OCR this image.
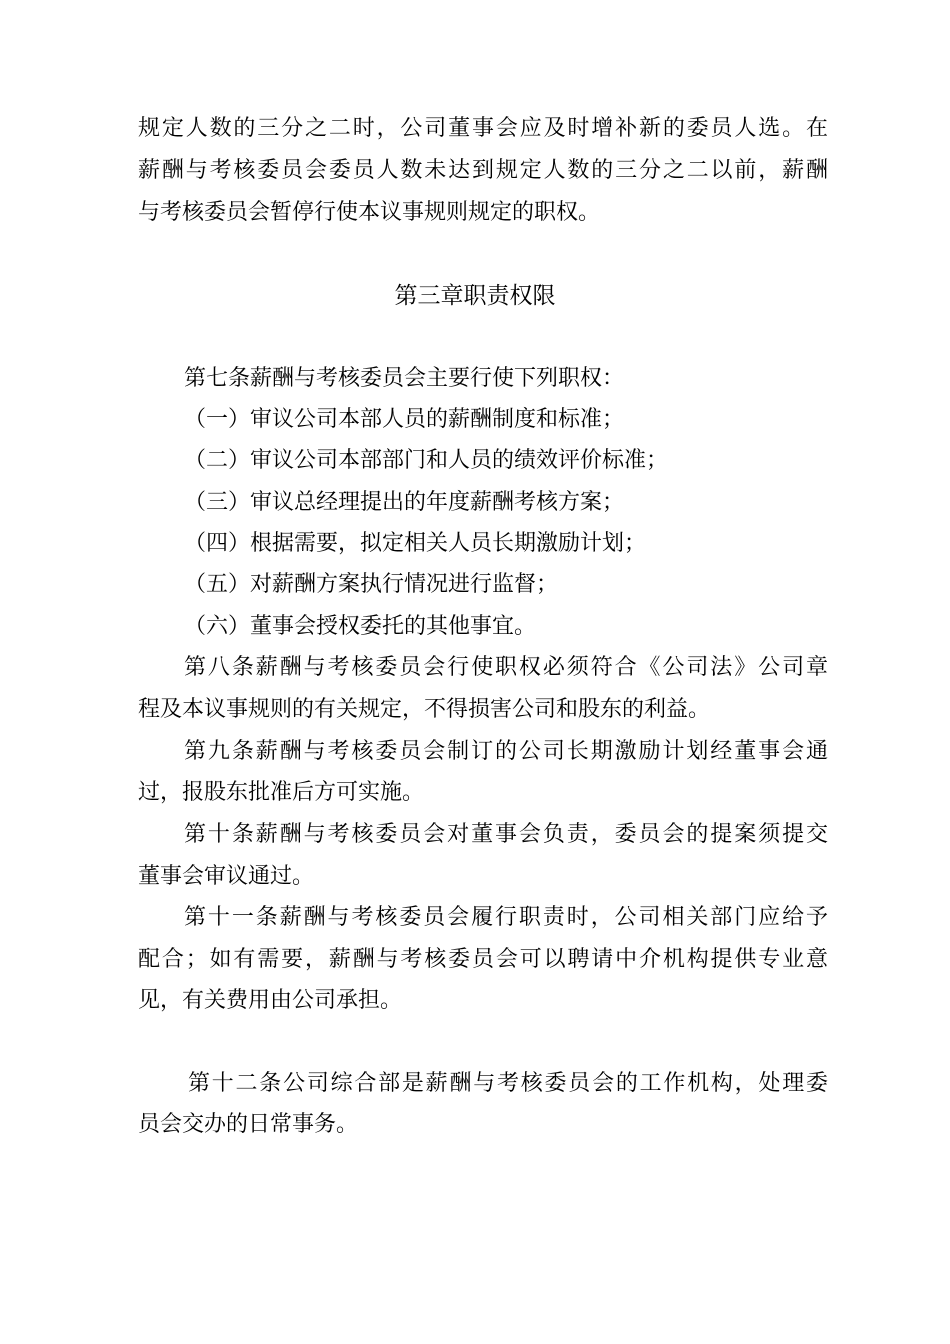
规定人数的三分之二时，公司董事会应及时增补新的委员人选。在
薪酬与考核委员会委员人数未达到规定人数的三分之二以前，薪酬
与考核委员会暂停行使本议事规则规定的职权。
第三章职责权限
第七条薪酬与考核委员会主要行使下列职权：
（一）审议公司本部人员的薪酬制度和标准；
（二）审议公司本部部门和人员的绩效评价标准；
（三）审议总经理提出的年度薪酬考核方案；
（四）根据需要，拟定相关人员长期激励计划；
（五）对薪酬方案执行情况进行监督；
（六）董事会授权委托的其他事宜。
第八条薪酬与考核委员会行使职权必须符合《公司法》公司章
程及本议事规则的有关规定，不得损害公司和股东的利益。
第九条薪酬与考核委员会制订的公司长期激励计划经董事会通
过，报股东批准后方可实施。
第十条薪酬与考核委员会对董事会负责，委员会的提案须提交
董事会审议通过。
第十一条薪酬与考核委员会履行职责时，公司相关部门应给予
配合；如有需要，薪酬与考核委员会可以聘请中介机构提供专业意
见，有关费用由公司承担。
第十二条公司综合部是薪酬与考核委员会的工作机构，处理委
员会交办的日常事务。
